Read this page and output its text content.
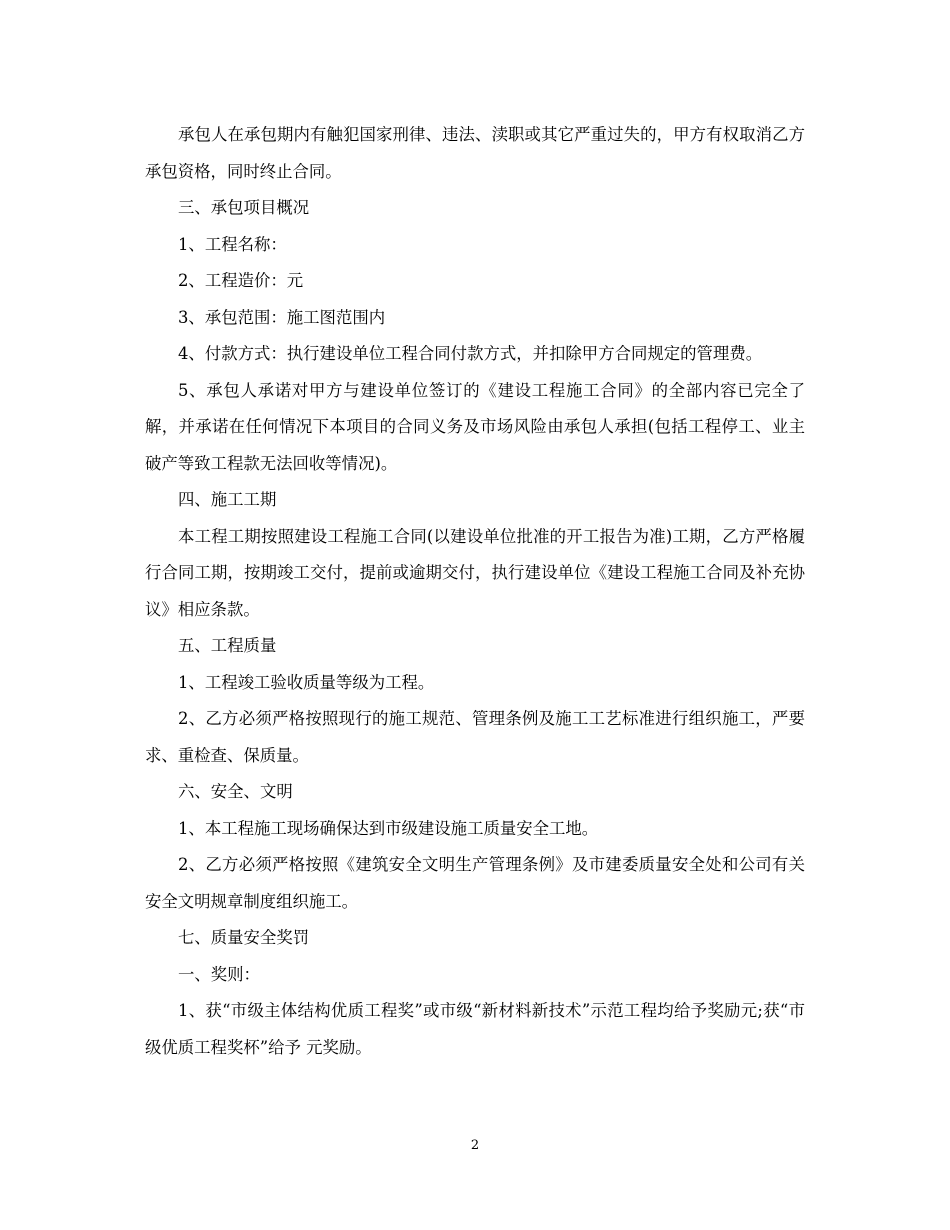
承包人在承包期内有触犯国家刑律、违法、渎职或其它严重过失的，甲方有权取消乙方承包资格，同时终止合同。

三、承包项目概况

1、工程名称：

2、工程造价：元

3、承包范围：施工图范围内

4、付款方式：执行建设单位工程合同付款方式，并扣除甲方合同规定的管理费。

5、承包人承诺对甲方与建设单位签订的《建设工程施工合同》的全部内容已完全了解，并承诺在任何情况下本项目的合同义务及市场风险由承包人承担(包括工程停工、业主破产等致工程款无法回收等情况)。

四、施工工期

本工程工期按照建设工程施工合同(以建设单位批准的开工报告为准)工期，乙方严格履行合同工期，按期竣工交付，提前或逾期交付，执行建设单位《建设工程施工合同及补充协议》相应条款。

五、工程质量

1、工程竣工验收质量等级为工程。

2、乙方必须严格按照现行的施工规范、管理条例及施工工艺标准进行组织施工，严要求、重检查、保质量。

六、安全、文明

1、本工程施工现场确保达到市级建设施工质量安全工地。

2、乙方必须严格按照《建筑安全文明生产管理条例》及市建委质量安全处和公司有关安全文明规章制度组织施工。

七、质量安全奖罚

一、奖则：

1、获“市级主体结构优质工程奖”或市级“新材料新技术”示范工程均给予奖励元;获“市级优质工程奖杯”给予 元奖励。

2
